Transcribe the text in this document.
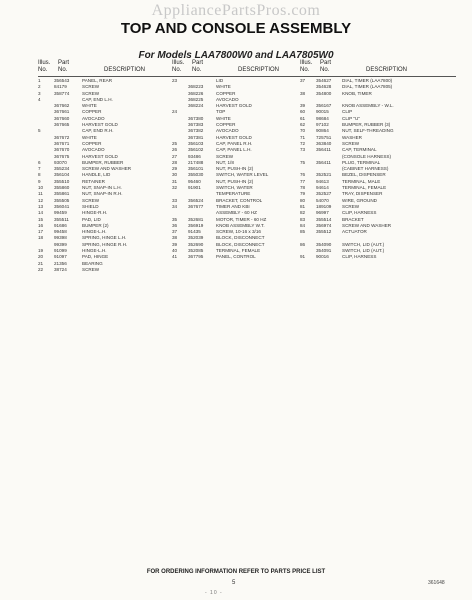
AppliancePartsPros.com
TOP AND CONSOLE ASSEMBLY
For Models LAA7800W0 and LAA7805W0
Illus. Part
No. No.	DESCRIPTION
1	356543	PANEL, REAR
2	84179	SCREW
3	358774	SCREW
4	CAP, END L.H.
367662	WHITE
367661	COPPER
367660	AVOCADO
367665	HARVEST GOLD
5	CAP, END R.H.
367672	WHITE
367671	COPPER
367670	AVOCADO
367675	HARVEST GOLD
6	93070	BUMPER, RUBBER
7	355234	SCREW AND WASHER
8	356104	HANDLE, LID
9	355510	RETAINER
10	355860	NUT, SNAP-IN L.H.
11	355861	NUT, SNAP-IN R.H.
12	355505	SCREW
13	356041	SHIELD
14	99459	HINGE-R.H.
15	355511	PAD, LID
16	91686	BUMPER (2)
17	99458	HINGE-L.H.
18	99398	SPRING, HINGE L.H.
99399	SPRING, HINGE R.H.
19	91099	HINGE-L.H.
20	91097	PAD, HINGE
21	21356	BEARING
22	38724	SCREW
Illus. Part
No. No.	DESCRIPTION
23	LID
368223	WHITE
368226	COPPER
368225	AVOCADO
368224	HARVEST GOLD
24	TOP
367380	WHITE
367383	COPPER
367382	AVOCADO
367381	HARVEST GOLD
25	356103	CAP, PANEL R.H.
26	356102	CAP, PANEL L.H.
27	93486	SCREW
28	217488	NUT, 1/8
29	356101	NUT, PUSH-IN (2)
30	355030	SWITCH, WATER LEVEL
31	95460	NUT, PUSH-IN (2)
32	91901	SWITCH, WATER
TEMPERATURE
33	356524	BRACKET, CONTROL
34	367677	TIMER AND KBI
ASSEMBLY - 60 HZ
35	352681	MOTOR, TIMER - 60 HZ
36	356919	KNOB ASSEMBLY W.T.
37	91435	SCREW, 10-16 x 3/16
38	352039	BLOCK, DISCONNECT
39	352690	BLOCK, DISCONNECT
40	352085	TERMINAL, FEMALE
41	367795	PANEL, CONTROL
Illus. Part
No. No.	DESCRIPTION
37	354627	DIAL, TIMER (LAA7800)
354628	DIAL, TIMER (LAA7805)
38	354800	KNOB, TIMER
39	356167	KNOB ASSEMBLY - W.L.
60	90015	CLIP
61	98684	CLIP "U"
62	97102	BUMPER, RUBBER (3)
70	90864	NUT, SELF-THREADING
71	725751	WASHER
72	363840	SCREW
73	356411	CAP, TERMINAL
(CONSOLE HARNESS)
75	356411	PLUG, TERMINAL
(CABINET HARNESS)
76	352521	BEZEL, DISPENSER
77	94613	TERMINAL, MALE
78	94614	TERMINAL, FEMALE
79	352527	TRAY, DISPENSER
80	54070	WIRE, GROUND
81	189109	SCREW
82	96997	CLIP, HARNESS
83	355514	BRACKET
84	356974	SCREW AND WASHER
85	355512	ACTUATOR
86	354090	SWITCH, LID (AUT.)
354091	SWITCH, LID (AUT.)
91	90016	CLIP, HARNESS
FOR ORDERING INFORMATION REFER TO PARTS PRICE LIST
5	361648
- 10 -
